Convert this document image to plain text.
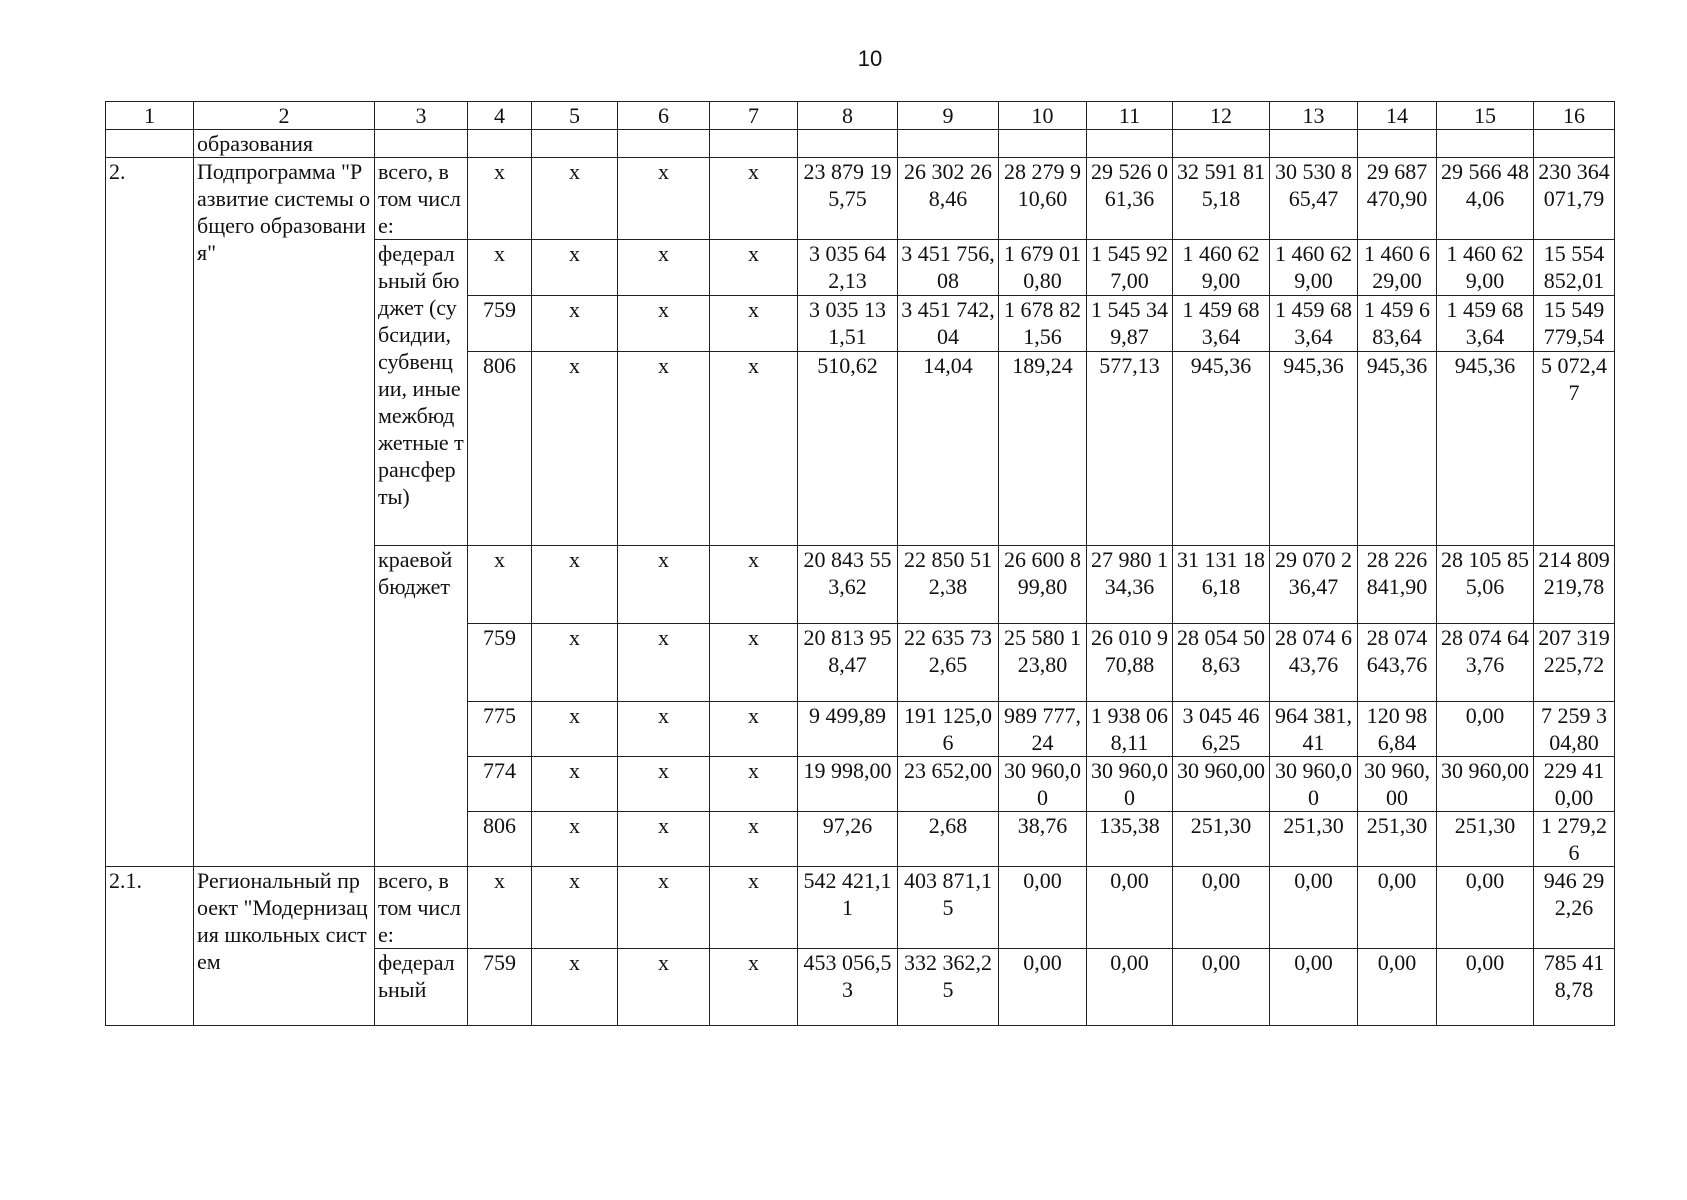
10
1	2	3	4	5	6	7	8	9	10	11	12	13	14	15	16
	образования														
2.	Подпрограмма "Развитие системы общего образования"	всего, в том числе:	х	х	х	х	23 879 195,75	26 302 268,46	28 279 910,60	29 526 061,36	32 591 815,18	30 530 865,47	29 687 470,90	29 566 484,06	230 364 071,79
		федеральный бюджет (субсидии, субвенции, иные межбюджетные трансферты)	х	х	х	х	3 035 642,13	3 451 756,08	1 679 010,80	1 545 927,00	1 460 629,00	1 460 629,00	1 460 629,00	1 460 629,00	15 554 852,01
			759	х	х	х	3 035 131,51	3 451 742,04	1 678 821,56	1 545 349,87	1 459 683,64	1 459 683,64	1 459 683,64	1 459 683,64	15 549 779,54
			806	х	х	х	510,62	14,04	189,24	577,13	945,36	945,36	945,36	945,36	5 072,47
		краевой бюджет	х	х	х	х	20 843 553,62	22 850 512,38	26 600 899,80	27 980 134,36	31 131 186,18	29 070 236,47	28 226 841,90	28 105 855,06	214 809 219,78
			759	х	х	х	20 813 958,47	22 635 732,65	25 580 123,80	26 010 970,88	28 054 508,63	28 074 643,76	28 074 643,76	28 074 643,76	207 319 225,72
			775	х	х	х	9 499,89	191 125,06	989 777,24	1 938 068,11	3 045 466,25	964 381,41	120 986,84	0,00	7 259 304,80
			774	х	х	х	19 998,00	23 652,00	30 960,00	30 960,00	30 960,00	30 960,00	30 960,00	30 960,00	229 410,00
			806	х	х	х	97,26	2,68	38,76	135,38	251,30	251,30	251,30	251,30	1 279,26
2.1.	Региональный проект "Модернизация школьных систем	всего, в том числе:	х	х	х	х	542 421,11	403 871,15	0,00	0,00	0,00	0,00	0,00	0,00	946 292,26
		федеральный	759	х	х	х	453 056,53	332 362,25	0,00	0,00	0,00	0,00	0,00	0,00	785 418,78
